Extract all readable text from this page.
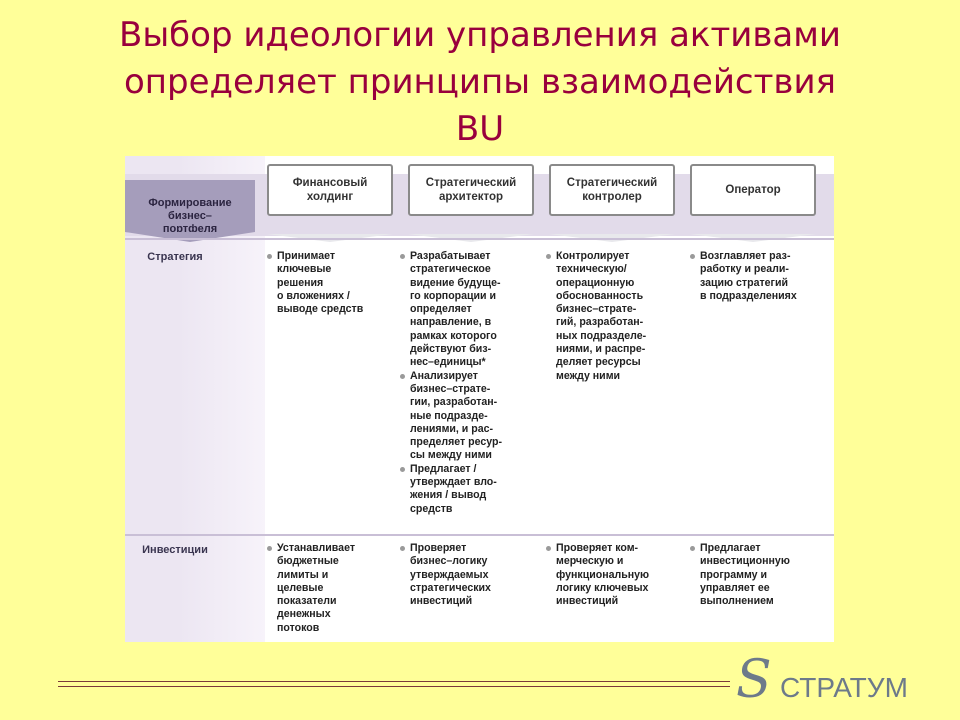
Выбор идеологии управления активами
определяет принципы взаимодействия
BU

Формирование
бизнес–
портфеля

Финансовый
холдинг
Стратегический
архитектор
Стратегический
контролер
Оператор
Стратегия
Инвестиции
Принимает
ключевые
решения
о вложениях /
выводе средств
Разрабатывает
стратегическое
видение будуще-
го корпорации и
определяет
направление, в
рамках которого
действуют биз-
нес–единицы*
Анализирует
бизнес–страте-
гии, разработан-
ные подразде-
лениями, и рас-
пределяет ресур-
сы между ними
Предлагает /
утверждает вло-
жения / вывод
средств
Контролирует
техническую/
операционную
обоснованность
бизнес–страте-
гий, разработан-
ных подразделе-
ниями, и распре-
деляет ресурсы
между ними
Возглавляет раз-
работку и реали-
зацию стратегий
в подразделениях
Устанавливает
бюджетные
лимиты и
целевые
показатели
денежных
потоков
Проверяет
бизнес–логику
утверждаемых
стратегических
инвестиций
Проверяет ком-
мерческую и
функциональную
логику ключевых
инвестиций
Предлагает
инвестиционную
программу и
управляет ее
выполнением
S СТРАТУМ
